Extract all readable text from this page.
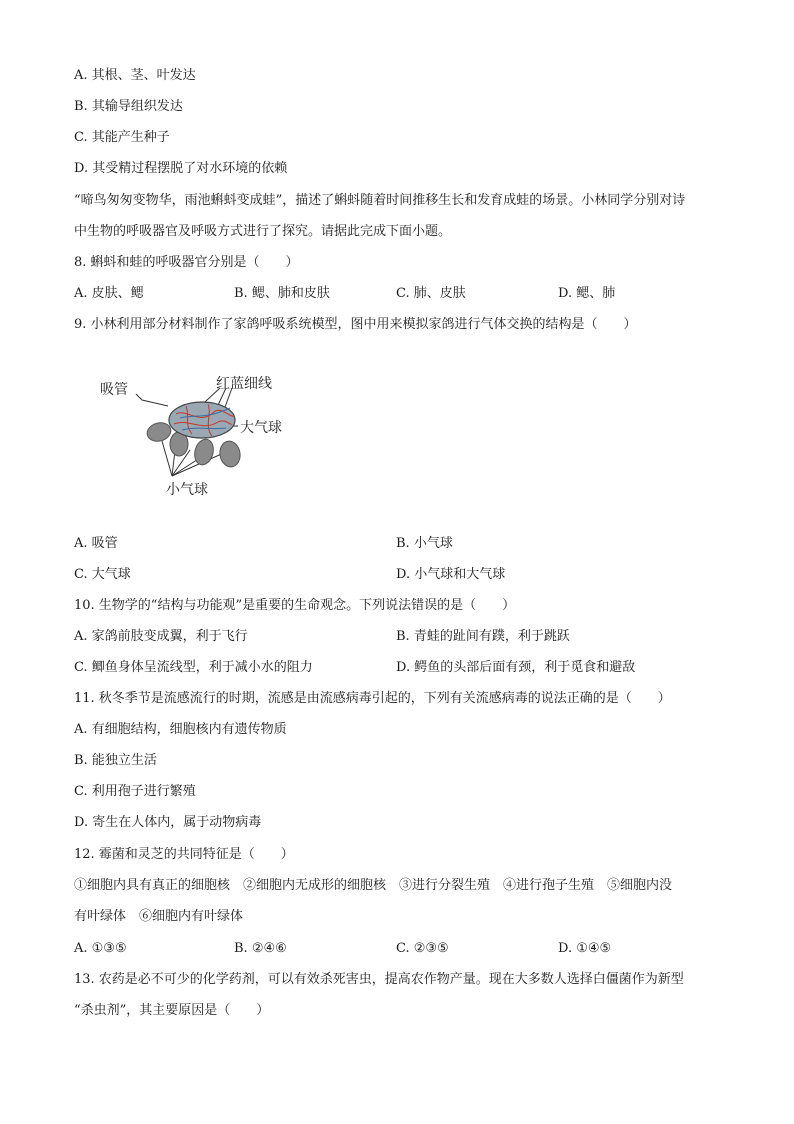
A. 其根、茎、叶发达
B. 其输导组织发达
C. 其能产生种子
D. 其受精过程摆脱了对水环境的依赖
“啼鸟匆匆变物华，雨池蝌蚪变成蛙”，描述了蝌蚪随着时间推移生长和发育成蛙的场景。小林同学分别对诗
中生物的呼吸器官及呼吸方式进行了探究。请据此完成下面小题。
8. 蝌蚪和蛙的呼吸器官分别是（　　）
A. 皮肤、鳃	B. 鳃、肺和皮肤	C. 肺、皮肤	D. 鳃、肺
9. 小林利用部分材料制作了家鸽呼吸系统模型，图中用来模拟家鸽进行气体交换的结构是（　　）
吸管	红蓝细线
大气球
小气球
A. 吸管	B. 小气球
C. 大气球	D. 小气球和大气球
10. 生物学的“结构与功能观”是重要的生命观念。下列说法错误的是（　　）
A. 家鸽前肢变成翼，利于飞行	B. 青蛙的趾间有蹼，利于跳跃
C. 鲫鱼身体呈流线型，利于减小水的阻力	D. 鳄鱼的头部后面有颈，利于觅食和避敌
11. 秋冬季节是流感流行的时期，流感是由流感病毒引起的，下列有关流感病毒的说法正确的是（　　）
A. 有细胞结构，细胞核内有遗传物质
B. 能独立生活
C. 利用孢子进行繁殖
D. 寄生在人体内，属于动物病毒
12. 霉菌和灵芝的共同特征是（　　）
①细胞内具有真正的细胞核　②细胞内无成形的细胞核　③进行分裂生殖　④进行孢子生殖　⑤细胞内没
有叶绿体　⑥细胞内有叶绿体
A. ①③⑤	B. ②④⑥	C. ②③⑤	D. ①④⑤
13. 农药是必不可少的化学药剂，可以有效杀死害虫，提高农作物产量。现在大多数人选择白僵菌作为新型
“杀虫剂”，其主要原因是（　　）
